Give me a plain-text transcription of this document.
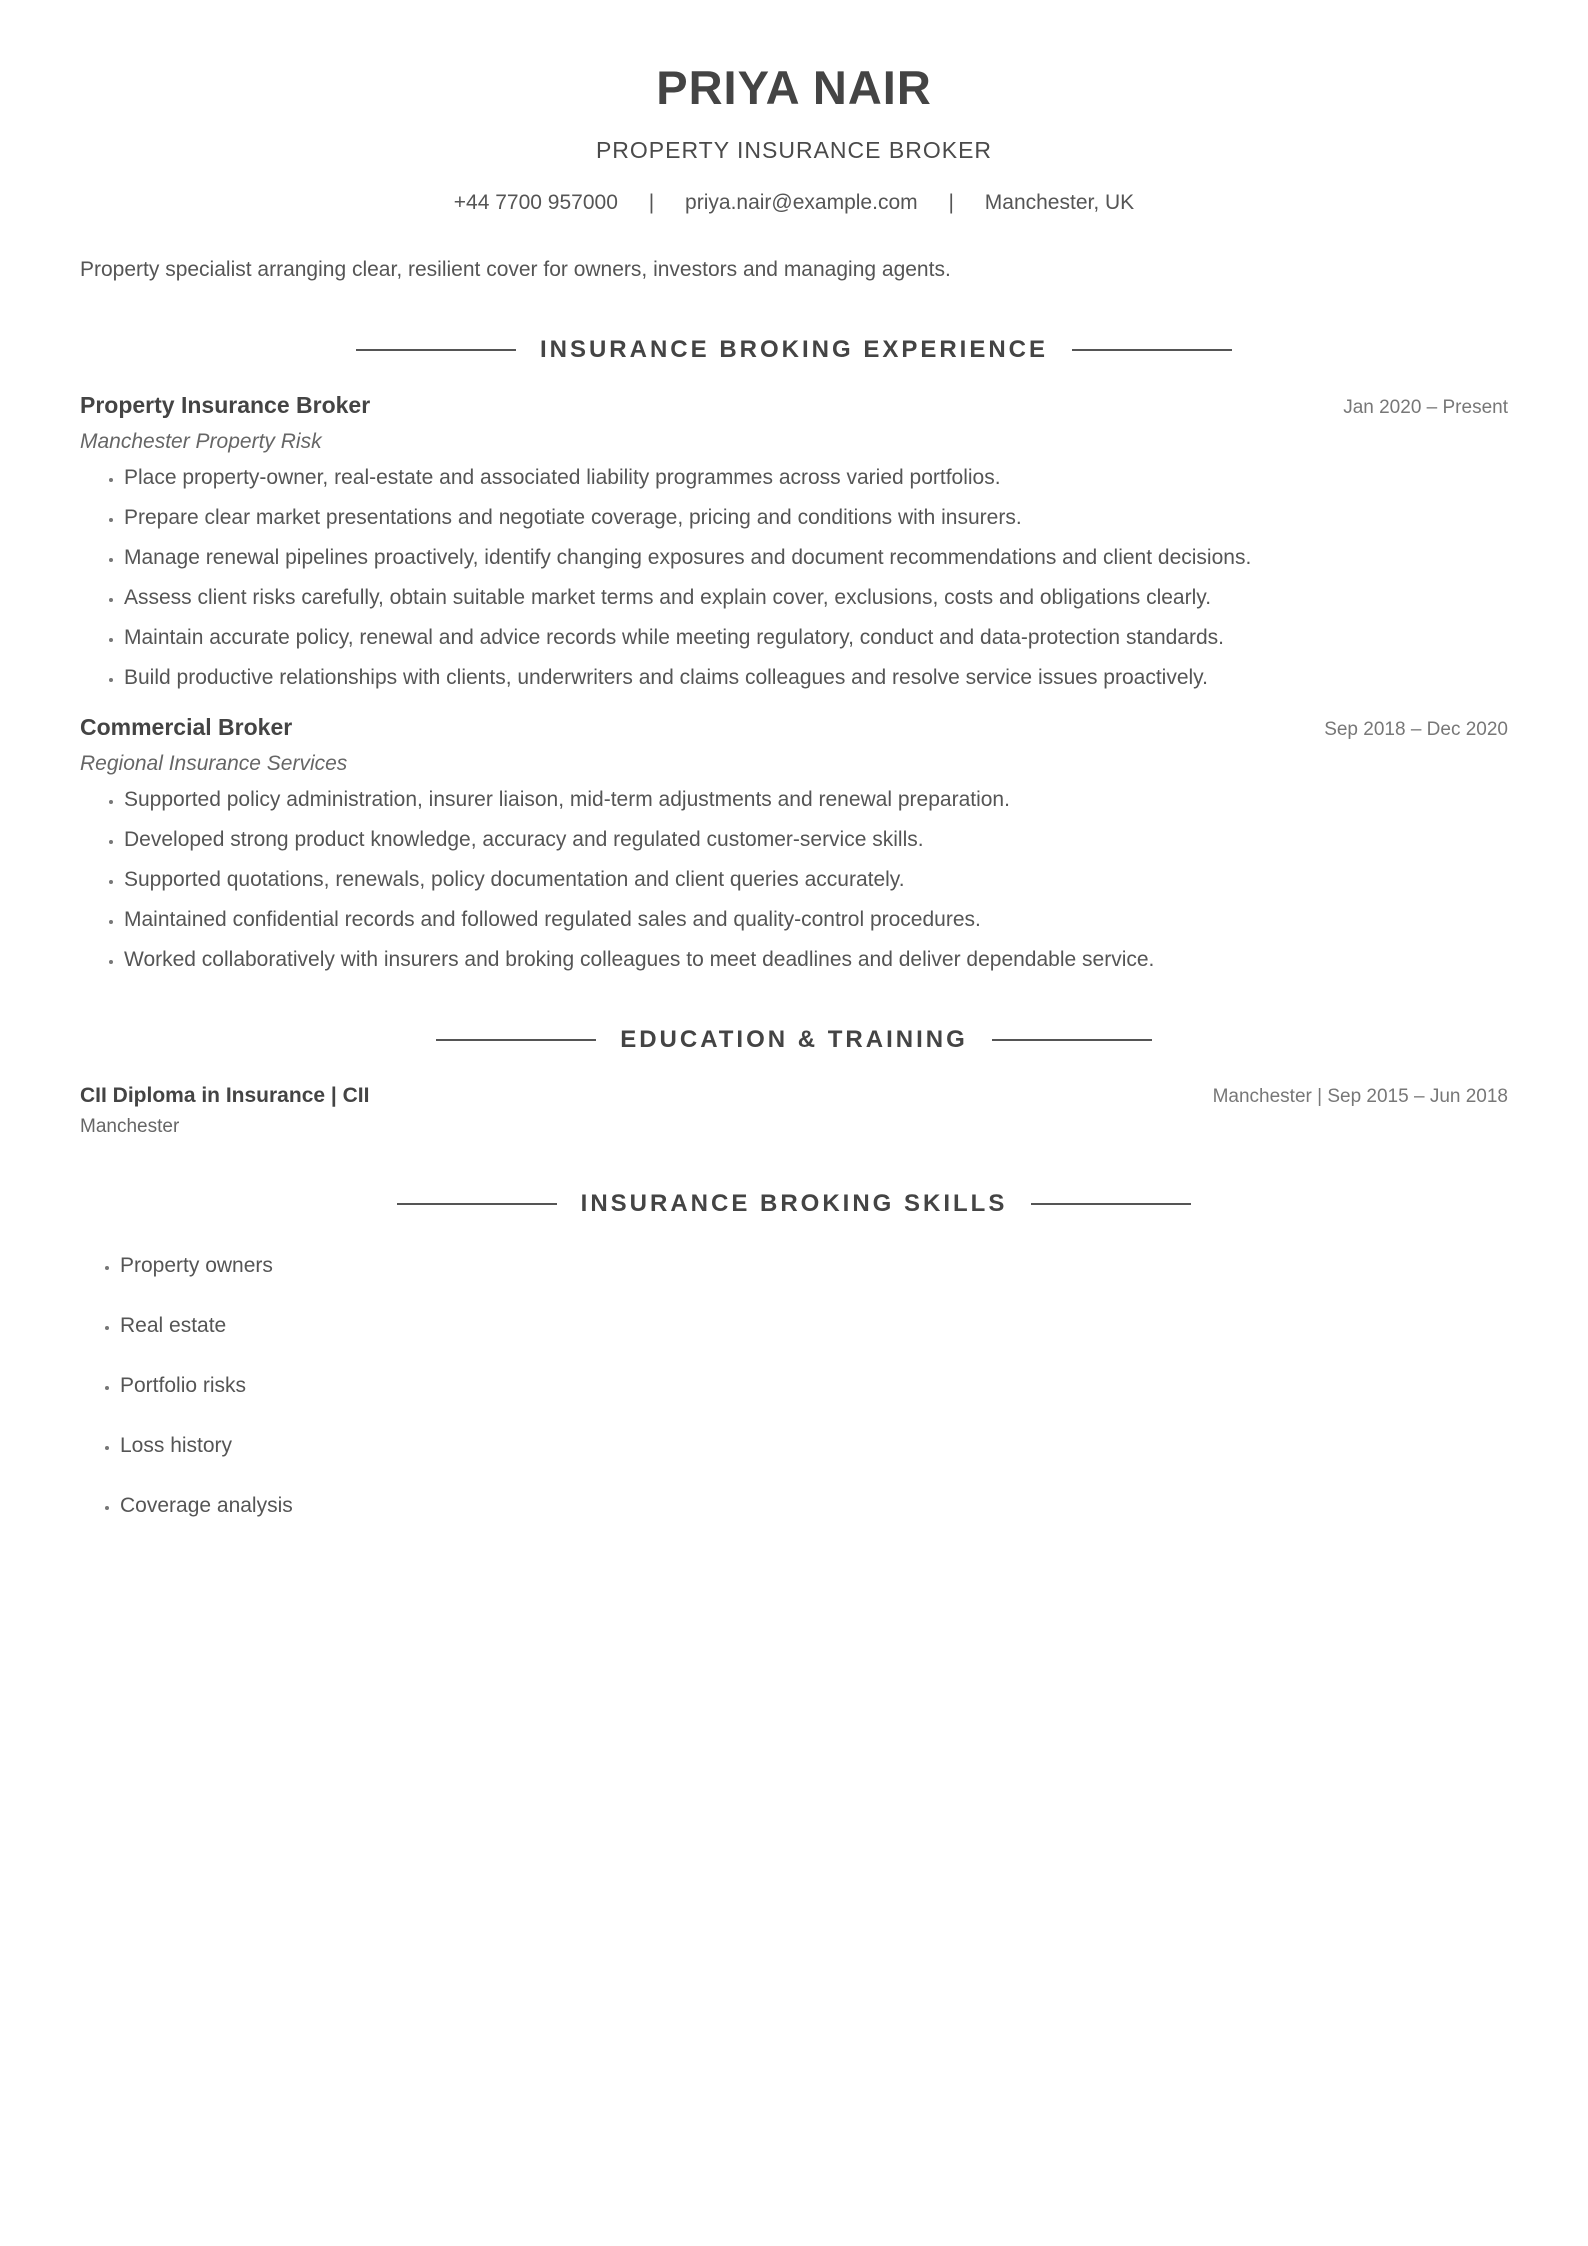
PRIYA NAIR
PROPERTY INSURANCE BROKER
+44 7700 957000 | priya.nair@example.com | Manchester, UK
Property specialist arranging clear, resilient cover for owners, investors and managing agents.
INSURANCE BROKING EXPERIENCE
Property Insurance Broker	Jan 2020 – Present
Manchester Property Risk
• Place property-owner, real-estate and associated liability programmes across varied portfolios.
• Prepare clear market presentations and negotiate coverage, pricing and conditions with insurers.
• Manage renewal pipelines proactively, identify changing exposures and document recommendations and client decisions.
• Assess client risks carefully, obtain suitable market terms and explain cover, exclusions, costs and obligations clearly.
• Maintain accurate policy, renewal and advice records while meeting regulatory, conduct and data-protection standards.
• Build productive relationships with clients, underwriters and claims colleagues and resolve service issues proactively.
Commercial Broker	Sep 2018 – Dec 2020
Regional Insurance Services
• Supported policy administration, insurer liaison, mid-term adjustments and renewal preparation.
• Developed strong product knowledge, accuracy and regulated customer-service skills.
• Supported quotations, renewals, policy documentation and client queries accurately.
• Maintained confidential records and followed regulated sales and quality-control procedures.
• Worked collaboratively with insurers and broking colleagues to meet deadlines and deliver dependable service.
EDUCATION & TRAINING
CII Diploma in Insurance | CII	Manchester | Sep 2015 – Jun 2018
Manchester
INSURANCE BROKING SKILLS
• Property owners
• Real estate
• Portfolio risks
• Loss history
• Coverage analysis
